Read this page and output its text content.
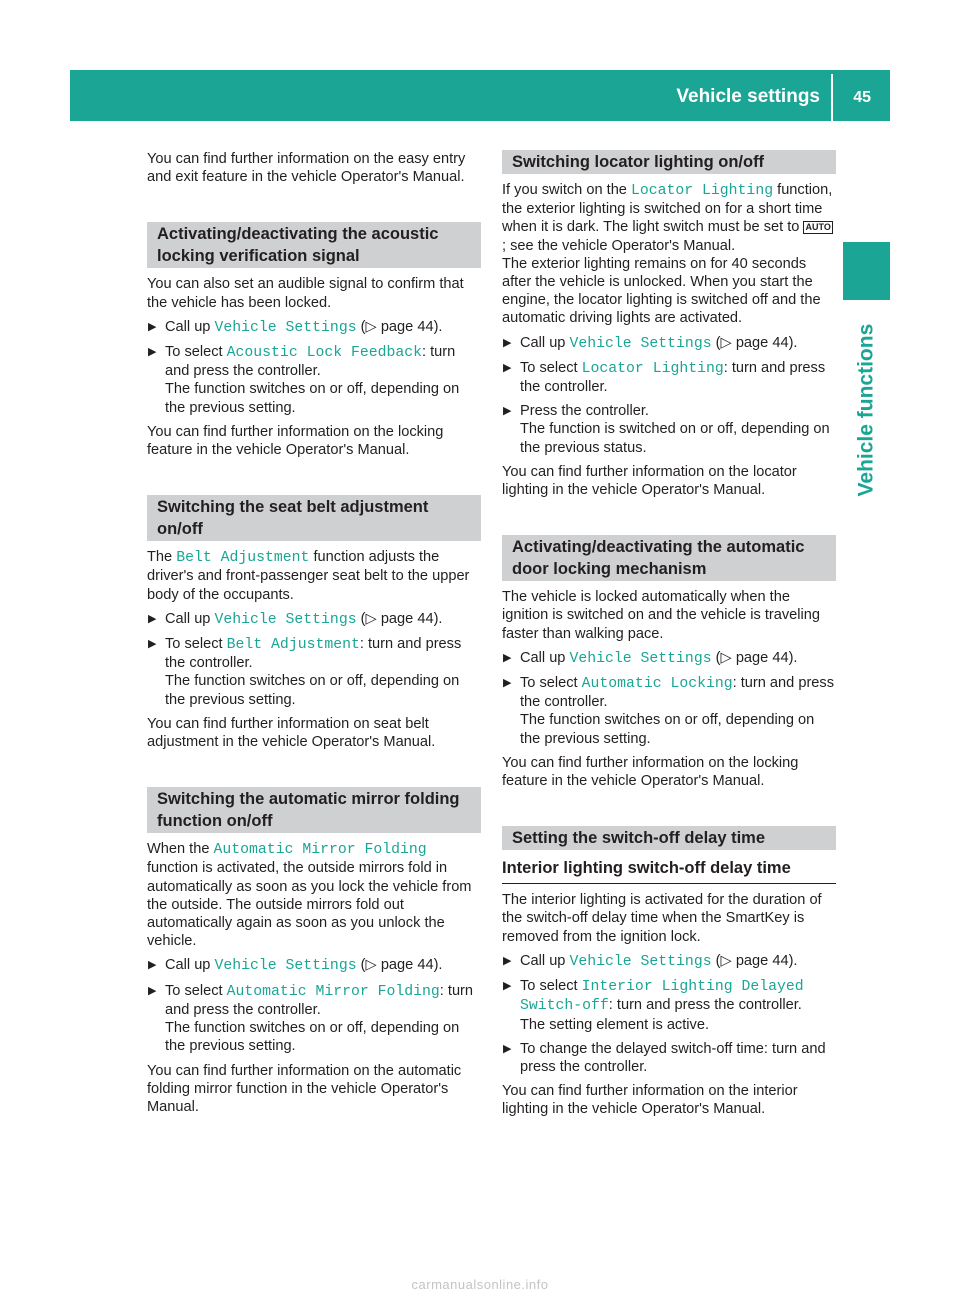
Vehicle settings 45
Vehicle functions

You can find further information on the easy entry and exit feature in the vehicle Operator's Manual.

Activating/deactivating the acoustic locking verification signal

You can also set an audible signal to confirm that the vehicle has been locked.

▶ Call up Vehicle Settings (▷ page 44).
▶ To select Acoustic Lock Feedback: turn and press the controller.
The function switches on or off, depending on the previous setting.

You can find further information on the locking feature in the vehicle Operator's Manual.

Switching the seat belt adjustment on/off

The Belt Adjustment function adjusts the driver's and front-passenger seat belt to the upper body of the occupants.

▶ Call up Vehicle Settings (▷ page 44).
▶ To select Belt Adjustment: turn and press the controller.
The function switches on or off, depending on the previous setting.

You can find further information on seat belt adjustment in the vehicle Operator's Manual.

Switching the automatic mirror folding function on/off

When the Automatic Mirror Folding function is activated, the outside mirrors fold in automatically as soon as you lock the vehicle from the outside. The outside mirrors fold out automatically again as soon as you unlock the vehicle.

▶ Call up Vehicle Settings (▷ page 44).
▶ To select Automatic Mirror Folding: turn and press the controller.
The function switches on or off, depending on the previous setting.

You can find further information on the automatic folding mirror function in the vehicle Operator's Manual.

Switching locator lighting on/off

If you switch on the Locator Lighting function, the exterior lighting is switched on for a short time when it is dark. The light switch must be set to AUTO; see the vehicle Operator's Manual.

The exterior lighting remains on for 40 seconds after the vehicle is unlocked. When you start the engine, the locator lighting is switched off and the automatic driving lights are activated.

▶ Call up Vehicle Settings (▷ page 44).
▶ To select Locator Lighting: turn and press the controller.
▶ Press the controller.
The function is switched on or off, depending on the previous status.

You can find further information on the locator lighting in the vehicle Operator's Manual.

Activating/deactivating the automatic door locking mechanism

The vehicle is locked automatically when the ignition is switched on and the vehicle is traveling faster than walking pace.

▶ Call up Vehicle Settings (▷ page 44).
▶ To select Automatic Locking: turn and press the controller.
The function switches on or off, depending on the previous setting.

You can find further information on the locking feature in the vehicle Operator's Manual.

Setting the switch-off delay time
Interior lighting switch-off delay time

The interior lighting is activated for the duration of the switch-off delay time when the SmartKey is removed from the ignition lock.

▶ Call up Vehicle Settings (▷ page 44).
▶ To select Interior Lighting Delayed Switch-off: turn and press the controller.
The setting element is active.
▶ To change the delayed switch-off time: turn and press the controller.

You can find further information on the interior lighting in the vehicle Operator's Manual.

carmanualsonline.info
